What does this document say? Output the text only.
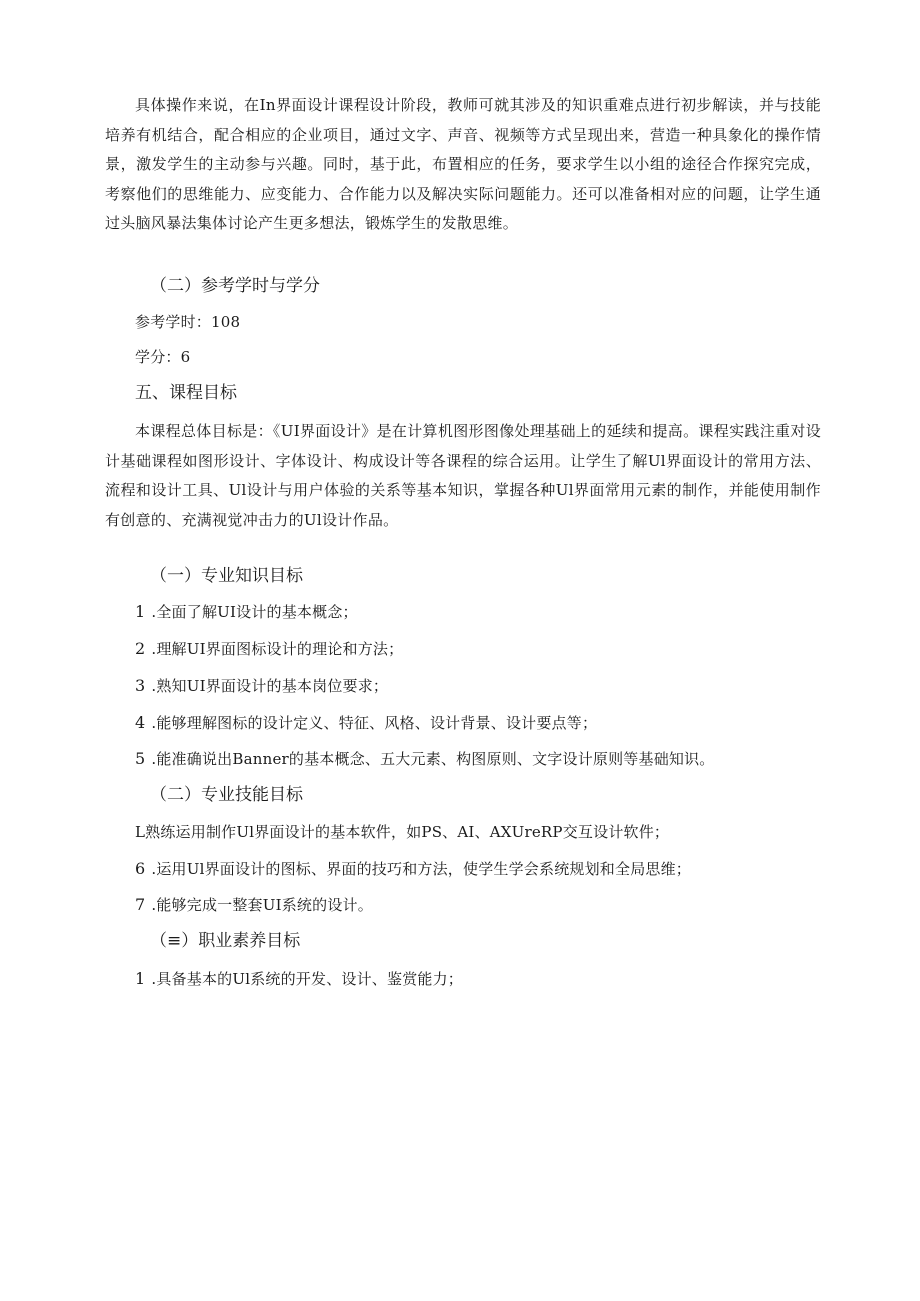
具体操作来说，在In界面设计课程设计阶段，教师可就其涉及的知识重难点进行初步解读，并与技能培养有机结合，配合相应的企业项目，通过文字、声音、视频等方式呈现出来，营造一种具象化的操作情景，激发学生的主动参与兴趣。同时，基于此，布置相应的任务，要求学生以小组的途径合作探究完成，考察他们的思维能力、应变能力、合作能力以及解决实际问题能力。还可以准备相对应的问题，让学生通过头脑风暴法集体讨论产生更多想法，锻炼学生的发散思维。

（二）参考学时与学分

参考学时：108

学分：6

五、课程目标

本课程总体目标是：《UI界面设计》是在计算机图形图像处理基础上的延续和提高。课程实践注重对设计基础课程如图形设计、字体设计、构成设计等各课程的综合运用。让学生了解Ul界面设计的常用方法、流程和设计工具、Ul设计与用户体验的关系等基本知识，掌握各种Ul界面常用元素的制作，并能使用制作有创意的、充满视觉冲击力的Ul设计作品。

（一）专业知识目标

1 .全面了解UI设计的基本概念；

2 .理解UI界面图标设计的理论和方法；

3 .熟知UI界面设计的基本岗位要求；

4 .能够理解图标的设计定义、特征、风格、设计背景、设计要点等；

5 .能准确说出Banner的基本概念、五大元素、构图原则、文字设计原则等基础知识。

（二）专业技能目标

L熟练运用制作Ul界面设计的基本软件，如PS、AI、AXUreRP交互设计软件；

6 .运用Ul界面设计的图标、界面的技巧和方法，使学生学会系统规划和全局思维；

7 .能够完成一整套UI系统的设计。

（≡）职业素养目标

1 .具备基本的Ul系统的开发、设计、鉴赏能力；
